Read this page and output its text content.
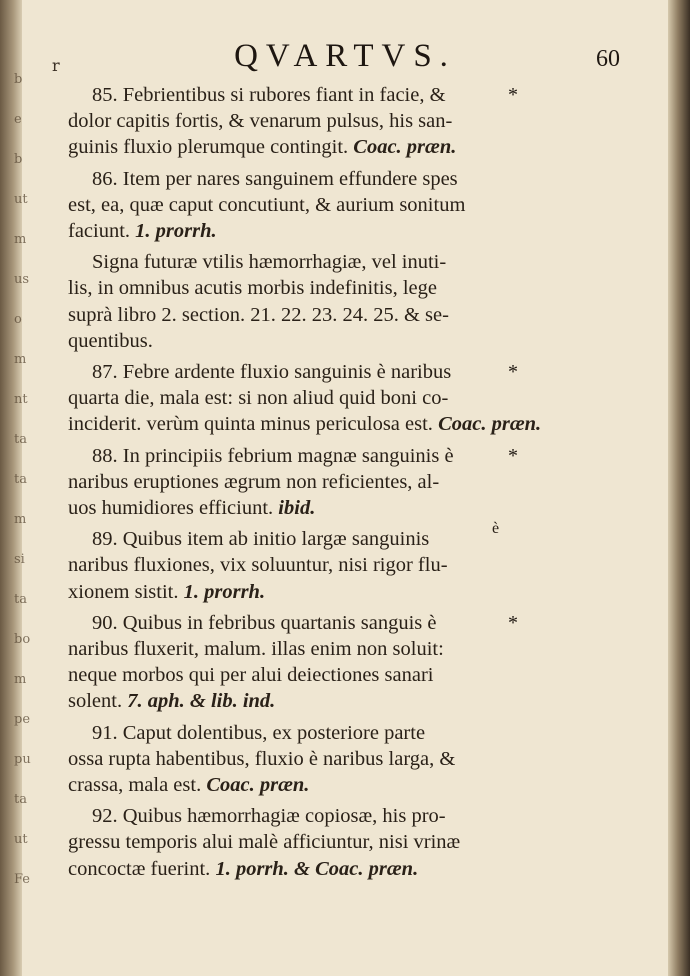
b
e
b
ut
m
us
o
m
nt
ta
ta
m
si
ta
bo
m
pe
pu
ta
ut
Fe
r	QVARTVS.	60
*
85. Febrientibus si rubores fiant in facie, &
dolor capitis fortis, & venarum pulsus, his san-
guinis fluxio plerumque contingit. Coac. præn.
86. Item per nares sanguinem effundere spes
est, ea, quæ caput concutiunt, & aurium sonitum
faciunt. 1. prorrh.
Signa futuræ vtilis hæmorrhagiæ, vel inuti-
lis, in omnibus acutis morbis indefinitis, lege
suprà libro 2. section. 21. 22. 23. 24. 25. & se-
quentibus.
*
87. Febre ardente fluxio sanguinis è naribus
quarta die, mala est: si non aliud quid boni co-
inciderit. verùm quinta minus periculosa est. Coac. præn.
*
88. In principiis febrium magnæ sanguinis è
naribus eruptiones ægrum non reficientes, al-
uos humidiores efficiunt. ibid.
è
89. Quibus item ab initio largæ sanguinis
naribus fluxiones, vix soluuntur, nisi rigor flu-
xionem sistit. 1. prorrh.
*
90. Quibus in febribus quartanis sanguis è
naribus fluxerit, malum. illas enim non soluit:
neque morbos qui per alui deiectiones sanari
solent. 7. aph. & lib. ind.
91. Caput dolentibus, ex posteriore parte
ossa rupta habentibus, fluxio è naribus larga, &
crassa, mala est. Coac. præn.
92. Quibus hæmorrhagiæ copiosæ, his pro-
gressu temporis alui malè afficiuntur, nisi vrinæ
concoctæ fuerint. 1. porrh. & Coac. præn.
